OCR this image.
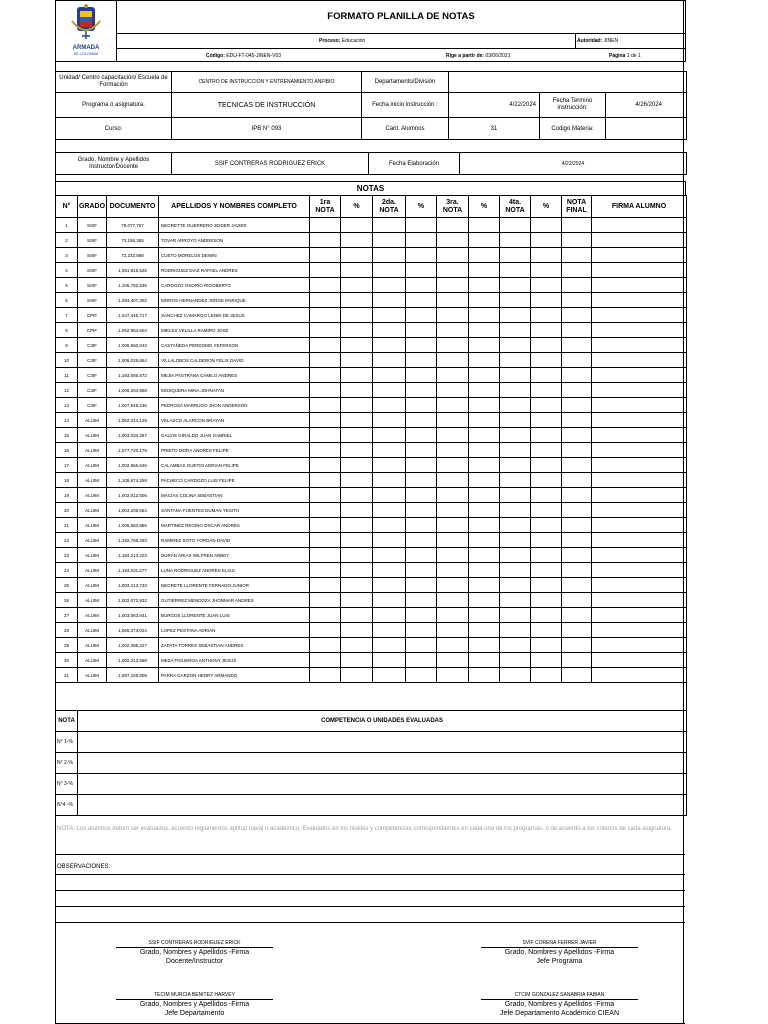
ARMADA
DE COLOMBIA
FORMATO PLANILLA DE NOTAS
Proceso: Educación	Autoridad: JINEN
Código: EDU-FT-045-JINEN-V03	Rige a partir de: 03/06/2021	Página 1 de 1
Unidad/ Centro capacitación/ Escuela de Formación	CENTRO DE INSTRUCCION Y ENTRENAMIENTO ANFIBIO	Departamento/División			
Programa o asignatura.	TECNICAS DE INSTRUCCIÓN	Fecha inicio instrucción :	4/22/2024	Fecha Termino instrucción:	4/26/2024
Curso:	IPB N° 093	Cant. Alumnos	31	Codigo Materia:	
Grado, Nombre y Apellidos Instructor/Docente	SSIF CONTRERAS RODRIGUEZ ERICK	Fecha Elaboración	4/22/2024
NOTAS
N°	GRADO	DOCUMENTO	APELLIDOS Y NOMBRES COMPLETO	1ra NOTA	%	2da. NOTA	%	3ra. NOTA	%	4ta. NOTA	%	NOTA FINAL	FIRMA ALUMNO
1	SSIF	79,077,767	NEGRETTE GUERRERO JEIDER JAVIER										
2	SSIF	73,195,365	TOVAR ARROYO ANDRESON										
3	SSIF	73,232,868	CUETO MORELOS DEWIN										
4	SSIF	1,051,815,526	RODRIGUEZ DIAZ RAFAEL ANDRES										
5	SSIF	1,105,782,535	CARDOZO OSORIO RIGOBERTO										
6	SSIF	1,093,407,302	MOROS HERNANDEZ JORGE ENRIQUE										
7	CPIF	1,047,445,717	SANCHEZ CAMARGO LENIN DE JESUS										
8	CPIF	1,052,964,604	MIELES VELILLA RAMIRO JOSE										
9	C3IF	1,006,550,043	CASTAÑEDA PERDOMO YEFERSON										
10	C3IF	1,006,026,654	VILLALOBOS CALDERON FELIX DAVID										
11	C3IF	1,193,056,872	MEJIA PASTRANA CAMILO ANDRES										
12	C3IF	1,006,204,868	MOSQUERA MINA JOHNATAN										
13	C3IF	1,007,948,236	PEDROSA MARRUGO JHON ANDERSON										
14	ALUIM	1,062,014,129	VELASCO ALARCON BRAYAN										
15	ALUIM	1,003,034,287	GALVIS GIRALDO JUAN GABRIEL										
16	ALUIM	1,077,720,178	PRIETO MORA ANDRES FELIPE										
17	ALUIM	1,002,966,646	CALAMBAS GUETIO ADRIAN FELIPE										
18	ALUIM	1,105,674,258	PACHECO CARDOZO LUIS FELIPE										
19	ALUIM	1,002,012,506	MACIAS COLINA SEBASTIAN										
20	ALUIM	1,003,206,664	SANTANA FUENTES DUMAN YESITH										
21	ALUIM	1,005,583,865	MARTINEZ REGINO OSCAR ANDRES										
22	ALUIM	1,192,768,293	RAMIREZ SOTO YORDAN DAVID										
23	ALUIM	1,193,213,223	DURAN ARIAS WILFREN ARBEY										
24	ALUIM	1,193,031,277	LUNA RODRIGUEZ ANDRES ELIAS										
25	ALUIM	1,003,213,733	NEGRETE LLORENTE FERNADO JUNIOR										
26	ALUIM	1,002,072,932	GUTIERREZ MENDOZA JHONMAR ANDRES										
27	ALUIM	1,003,063,641	BURGOS LLORENTE JUAN LUIS										
28	ALUIM	1,065,373,024	LOPEZ PESTANA ADRIAN										
29	ALUIM	1,002,395,227	ZAPATA TORRES SEBASTIAN ANDRES										
30	ALUIM	1,002,213,598	MEZA FIGUEROA ANTHONY JESUS										
31	ALUIM	1,087,159,808	PARRA GARZON HENRY ARMANDO										

NOTA	COMPETENCIA O UNIDADES EVALUADAS
N° 1-%	
N° 2-%	
N° 3-%	
N°4 -%	
NOTA: Los alumnos deben ser evaluados, acuerdo reglamentos aptitud naval o academico, Evaluados en los niveles y competencias correspondientes en cada uno de los programas. o de acuerdo a los criterios de cada asignatura.
OBSERVACIONES:
SSIF CONTRERAS RODRIGUEZ ERICK
Grado, Nombres y Apellidos -Firma
Docente/Instructor
SVIF CORENA FERRER JAVIER
Grado, Nombres y Apellidos -Firma
Jefe Programa
TECIM MURCIA BENITEZ HARVEY
Grado, Nombres y Apellidos -Firma
Jefe Departamento
CTCIM GONZALEZ SANABRIA FABIAN
Grado, Nombres y Apellidos -Firma
Jefe Departamento Académico CIEAN
